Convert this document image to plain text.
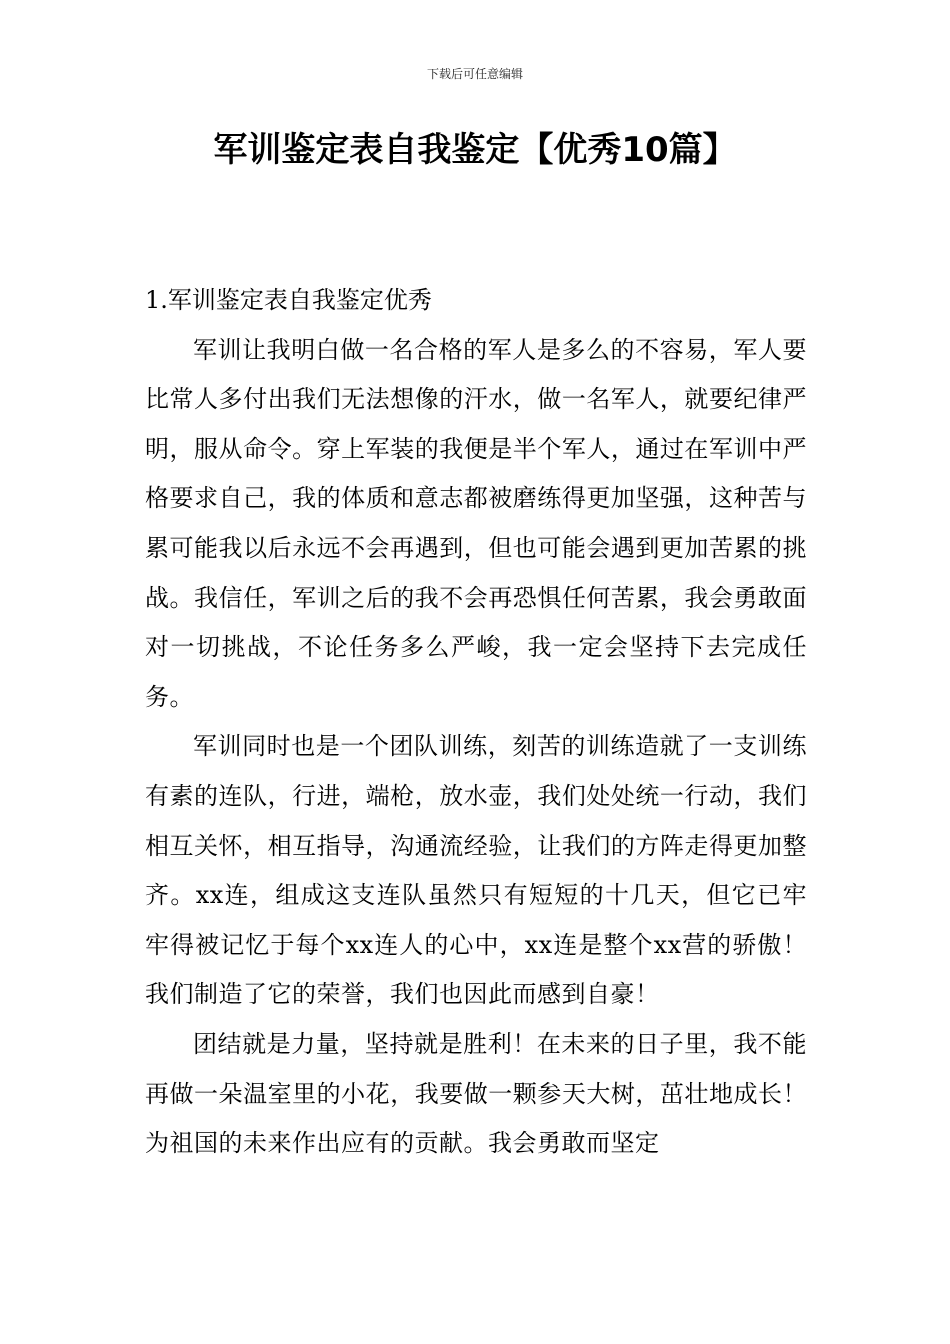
下载后可任意编辑
军训鉴定表自我鉴定【优秀10篇】

1.军训鉴定表自我鉴定优秀

军训让我明白做一名合格的军人是多么的不容易，军人要比常人多付出我们无法想像的汗水，做一名军人，就要纪律严明，服从命令。穿上军装的我便是半个军人，通过在军训中严格要求自己，我的体质和意志都被磨练得更加坚强，这种苦与累可能我以后永远不会再遇到，但也可能会遇到更加苦累的挑战。我信任，军训之后的我不会再恐惧任何苦累，我会勇敢面对一切挑战，不论任务多么严峻，我一定会坚持下去完成任务。

军训同时也是一个团队训练，刻苦的训练造就了一支训练有素的连队，行进，端枪，放水壶，我们处处统一行动，我们相互关怀，相互指导，沟通流经验，让我们的方阵走得更加整齐。xx连，组成这支连队虽然只有短短的十几天，但它已牢牢得被记忆于每个xx连人的心中，xx连是整个xx营的骄傲！我们制造了它的荣誉，我们也因此而感到自豪！

团结就是力量，坚持就是胜利！在未来的日子里，我不能再做一朵温室里的小花，我要做一颗参天大树，茁壮地成长！为祖国的未来作出应有的贡献。我会勇敢而坚定
